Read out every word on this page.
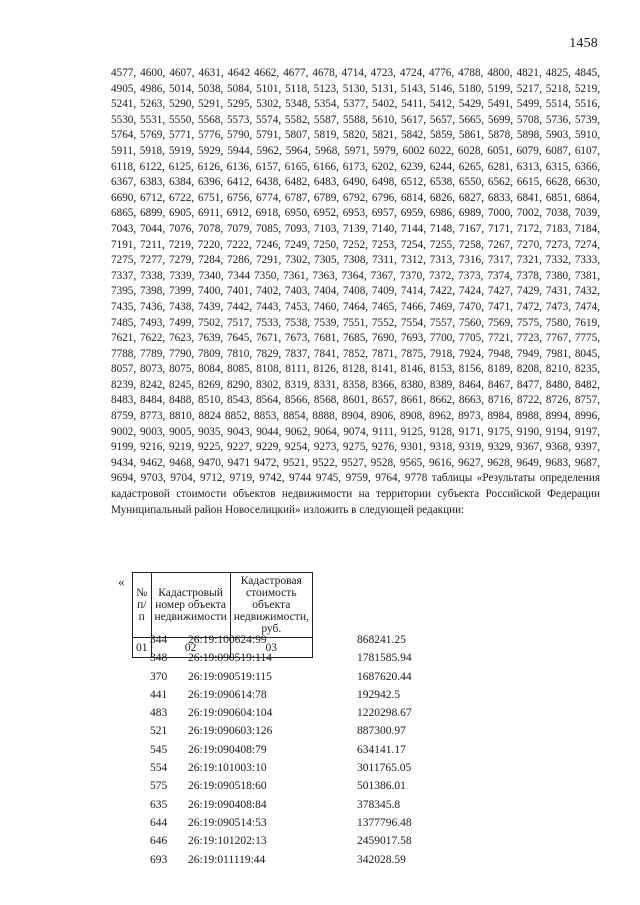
1458
4577, 4600, 4607, 4631, 4642 4662, 4677, 4678, 4714, 4723, 4724, 4776, 4788, 4800, 4821, 4825, 4845, 4905, 4986, 5014, 5038, 5084, 5101, 5118, 5123, 5130, 5131, 5143, 5146, 5180, 5199, 5217, 5218, 5219, 5241, 5263, 5290, 5291, 5295, 5302, 5348, 5354, 5377, 5402, 5411, 5412, 5429, 5491, 5499, 5514, 5516, 5530, 5531, 5550, 5568, 5573, 5574, 5582, 5587, 5588, 5610, 5617, 5657, 5665, 5699, 5708, 5736, 5739, 5764, 5769, 5771, 5776, 5790, 5791, 5807, 5819, 5820, 5821, 5842, 5859, 5861, 5878, 5898, 5903, 5910, 5911, 5918, 5919, 5929, 5944, 5962, 5964, 5968, 5971, 5979, 6002 6022, 6028, 6051, 6079, 6087, 6107, 6118, 6122, 6125, 6126, 6136, 6157, 6165, 6166, 6173, 6202, 6239, 6244, 6265, 6281, 6313, 6315, 6366, 6367, 6383, 6384, 6396, 6412, 6438, 6482, 6483, 6490, 6498, 6512, 6538, 6550, 6562, 6615, 6628, 6630, 6690, 6712, 6722, 6751, 6756, 6774, 6787, 6789, 6792, 6796, 6814, 6826, 6827, 6833, 6841, 6851, 6864, 6865, 6899, 6905, 6911, 6912, 6918, 6950, 6952, 6953, 6957, 6959, 6986, 6989, 7000, 7002, 7038, 7039, 7043, 7044, 7076, 7078, 7079, 7085, 7093, 7103, 7139, 7140, 7144, 7148, 7167, 7171, 7172, 7183, 7184, 7191, 7211, 7219, 7220, 7222, 7246, 7249, 7250, 7252, 7253, 7254, 7255, 7258, 7267, 7270, 7273, 7274, 7275, 7277, 7279, 7284, 7286, 7291, 7302, 7305, 7308, 7311, 7312, 7313, 7316, 7317, 7321, 7332, 7333, 7337, 7338, 7339, 7340, 7344 7350, 7361, 7363, 7364, 7367, 7370, 7372, 7373, 7374, 7378, 7380, 7381, 7395, 7398, 7399, 7400, 7401, 7402, 7403, 7404, 7408, 7409, 7414, 7422, 7424, 7427, 7429, 7431, 7432, 7435, 7436, 7438, 7439, 7442, 7443, 7453, 7460, 7464, 7465, 7466, 7469, 7470, 7471, 7472, 7473, 7474, 7485, 7493, 7499, 7502, 7517, 7533, 7538, 7539, 7551, 7552, 7554, 7557, 7560, 7569, 7575, 7580, 7619, 7621, 7622, 7623, 7639, 7645, 7671, 7673, 7681, 7685, 7690, 7693, 7700, 7705, 7721, 7723, 7767, 7775, 7788, 7789, 7790, 7809, 7810, 7829, 7837, 7841, 7852, 7871, 7875, 7918, 7924, 7948, 7949, 7981, 8045, 8057, 8073, 8075, 8084, 8085, 8108, 8111, 8126, 8128, 8141, 8146, 8153, 8156, 8189, 8208, 8210, 8235, 8239, 8242, 8245, 8269, 8290, 8302, 8319, 8331, 8358, 8366, 8380, 8389, 8464, 8467, 8477, 8480, 8482, 8483, 8484, 8488, 8510, 8543, 8564, 8566, 8568, 8601, 8657, 8661, 8662, 8663, 8716, 8722, 8726, 8757, 8759, 8773, 8810, 8824 8852, 8853, 8854, 8888, 8904, 8906, 8908, 8962, 8973, 8984, 8988, 8994, 8996, 9002, 9003, 9005, 9035, 9043, 9044, 9062, 9064, 9074, 9111, 9125, 9128, 9171, 9175, 9190, 9194, 9197, 9199, 9216, 9219, 9225, 9227, 9229, 9254, 9273, 9275, 9276, 9301, 9318, 9319, 9329, 9367, 9368, 9397, 9434, 9462, 9468, 9470, 9471 9472, 9521, 9522, 9527, 9528, 9565, 9616, 9627, 9628, 9649, 9683, 9687, 9694, 9703, 9704, 9712, 9719, 9742, 9744 9745, 9759, 9764, 9778 таблицы «Результаты определения кадастровой стоимости объектов недвижимости на территории субъекта Российской Федерации Муниципальный район Новоселицкий» изложить в следующей редакции:
«
№ п/п	Кадастровый номер объекта недвижимости	Кадастровая стоимость объекта недвижимости, руб.
01	02	03
344	26:19:100624:99	868241.25
348	26:19:090519:114	1781585.94
370	26:19:090519:115	1687620.44
441	26:19:090614:78	192942.5
483	26:19:090604:104	1220298.67
521	26:19:090603:126	887300.97
545	26:19:090408:79	634141.17
554	26:19:101003:10	3011765.05
575	26:19:090518:60	501386.01
635	26:19:090408:84	378345.8
644	26:19:090514:53	1377796.48
646	26:19:101202:13	2459017.58
693	26:19:011119:44	342028.59
